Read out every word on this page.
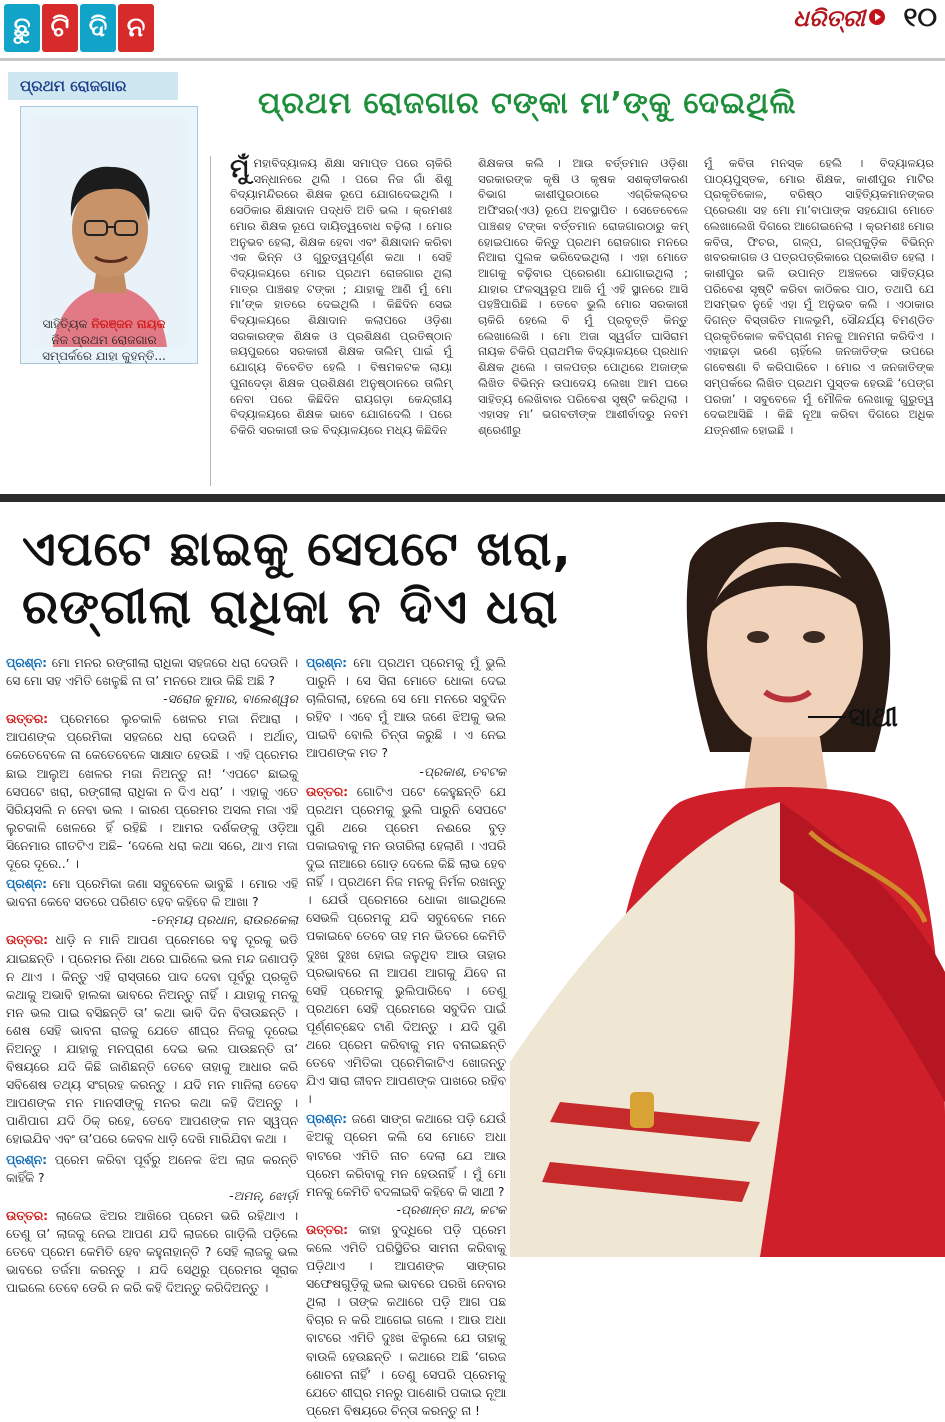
ଛୁ ଟି ଦି ନ	ଧରିତ୍ରୀ ୧୦
ପ୍ରଥମ ରୋଜଗାର
ସାହିତ୍ୟିକ ନିରଞ୍ଜନ ନାୟକ
ନିଜ ପ୍ରଥମ ରୋଜଗାର ସମ୍ପର୍କରେ ଯାହା କୁହନ୍ତି...
ପ୍ରଥମ ରୋଜଗାର ଟଙ୍କା ମା’ଙ୍କୁ ଦେଇଥିଲି
ମୁଁ ମହାବିଦ୍ୟାଳୟ ଶିକ୍ଷା ସମାପ୍ତ ପରେ ଚାକିରି ସନ୍ଧାନରେ ଥିଲି । ପରେ ନିଜ ଗାଁ ଶିଶୁ ବିଦ୍ୟାମନ୍ଦିରରେ ଶିକ୍ଷକ ରୂପେ ଯୋଗଦେଇଥିଲି । ସେଠିକାର ଶିକ୍ଷାଦାନ ପଦ୍ଧତି ଅତି ଭଲ । କ୍ରମଶଃ ମୋର ଶିକ୍ଷକ ରୂପେ ଦାୟିତ୍ୱବୋଧ ବଢ଼ିଲା । ମୋର ଅନୁଭବ ହେଲା, ଶିକ୍ଷକ ହେବା ଏବଂ ଶିକ୍ଷାଦାନ କରିବା ଏକ ଭିନ୍ନ ଓ ଗୁରୁତ୍ୱପୂର୍ଣ୍ଣ କଥା । ସେହି ବିଦ୍ୟାଳୟରେ ମୋର ପ୍ରଥମ ରୋଜଗାର ଥିଲା ମାତ୍ର ପାଞ୍ଚଶହ ଟଙ୍କା ; ଯାହାକୁ ଆଣି ମୁଁ ମୋ ମା’ଙ୍କ ହାତରେ ଦେଇଥିଲି । କିଛିଦିନ ସେଇ ବିଦ୍ୟାଳୟରେ ଶିକ୍ଷାଦାନ କଲାପରେ ଓଡ଼ିଶା ସରକାରଙ୍କ ଶିକ୍ଷକ ଓ ପ୍ରଶିକ୍ଷଣ ପ୍ରତିଷ୍ଠାନ ଜୟପୁରରେ ସରକାରୀ ଶିକ୍ଷକ ତାଲିମ୍ ପାଇଁ ମୁଁ ଯୋଗ୍ୟ ବିବେଚିତ ହେଲି । ବିଷମକଟକ ଲାୟା ପୁନାଦେଡ଼ା ଶିକ୍ଷକ ପ୍ରଶିକ୍ଷଣ ଅନୁଷ୍ଠାନରେ ତାଲିମ୍ ନେବା ପରେ କିଛିଦିନ ରାୟଗଡ଼ା କେନ୍ଦ୍ରୀୟ ବିଦ୍ୟାଳୟରେ ଶିକ୍ଷକ ଭାବେ ଯୋଗଦେଲି । ପରେ ଚିକିରି ସରକାରୀ ଉଚ୍ଚ ବିଦ୍ୟାଳୟରେ ମଧ୍ୟ କିଛିଦିନ
ଶିକ୍ଷକତା କଲି । ଆଉ ବର୍ତ୍ତମାନ ଓଡ଼ିଶା ସରକାରଙ୍କ କୃଷି ଓ କୃଷକ ସଶକ୍ତୀକରଣ ବିଭାଗ କାଶୀପୁରଠାରେ ଏଗ୍ରିକଲ୍‌ଚର ଅଫିସର(ଏଓ) ରୂପେ ଅବସ୍ଥାପିତ । ସେତେବେଳେ ପାଞ୍ଚଶହ ଟଙ୍କା ବର୍ତ୍ତମାନ ରୋଜଗାରଠାରୁ କମ୍ ହୋଇପାରେ କିନ୍ତୁ ପ୍ରଥମ ରୋଜଗାର ମନରେ ନିଆରା ପୁଲକ ଭରିଦେଇଥିଲା । ଏହା ମୋତେ ଆଗକୁ ବଢ଼ିବାର ପ୍ରେରଣା ଯୋଗାଇଥିଲା ; ଯାହାର ଫଳସ୍ୱରୂପ ଆଜି ମୁଁ ଏହି ସ୍ଥାନରେ ଆସି ପହଞ୍ଚିପାରିଛି । ତେବେ ଭୁଲି ମୋର ସରକାରୀ ଚାକିରି ହେଲେ ବି ମୁଁ ପ୍ରବୃତ୍ତି କିନ୍ତୁ ଲେଖାଲେଖି । ମୋ ଅଜା ସ୍ୱର୍ଗତ ଘାସିରାମ ନାୟକ ଚିକିରି ପ୍ରାଥମିକ ବିଦ୍ୟାଳୟରେ ପ୍ରଧାନ ଶିକ୍ଷକ ଥିଲେ । ତାଳପତ୍ର ପୋଥିରେ ଅଜାଙ୍କ ଲିଖିତ ବିଭିନ୍ନ ଉପାଦେୟ ଲେଖା ଆମ ଘରେ ସାହିତ୍ୟ ଲେଖିବାର ପରିବେଶ ସୃଷ୍ଟି କରିଥିଲା । ଏହାସହ ମା’ ଭଗବତୀଙ୍କ ଆଶୀର୍ବାଦରୁ ନବମ ଶ୍ରେଣୀରୁ
ମୁଁ କବିତା ମନସ୍କ ହେଲି । ବିଦ୍ୟାଳୟର ପାଠ୍ୟପୁସ୍ତକ, ମୋର ଶିକ୍ଷକ, କାଶୀପୁର ମାଟିର ପ୍ରକୃତିକୋଳ, ବରିଷ୍ଠ ସାହିତ୍ୟିକମାନଙ୍କର ପ୍ରେରଣା ସହ ମୋ ମା’ବାପାଙ୍କ ସହଯୋଗ ମୋତେ ଲେଖାଲେଖି ଦିଗରେ ଆଗେଇନେଲା । କ୍ରମଶଃ ମୋର କବିତା, ଫିଚର, ଗଳ୍ପ, ଗଳ୍ପକୁଡ଼ିକ ବିଭିନ୍ନ ଖବରକାଗଜ ଓ ପତ୍ରପତ୍ରିକାରେ ପ୍ରକାଶିତ ହେଲା । କାଶୀପୁର ଭଳି ଉପାନ୍ତ ଅଞ୍ଚଳରେ ସାହିତ୍ୟର ପରିବେଶ ସୃଷ୍ଟି କରିବା କାଠିକର ପାଠ, ତଥାପି ଯେ ଅସମ୍ଭବ ନୁହେଁ ଏହା ମୁଁ ଅନୁଭବ କଲି । ଏଠାକାର ଦିଗନ୍ତ ବିସ୍ତାରିତ ମାଳଭୂମି, ସୌନ୍ଦର୍ଯ୍ୟ ବିମଣ୍ଡିତ ପ୍ରକୃତିକୋଳ କବିପ୍ରାଣ ମନକୁ ଆନମନା କରିଦିଏ । ଏହାଛଡ଼ା ଭଣେ ଚାହିଁଲେ ଜନଜାତିଙ୍କ ଉପରେ ଗବେଷଣା ବି କରିପାରିବେ । ମୋର ଏ ଜନଜାତିଙ୍କ ସମ୍ପର୍କରେ ଲିଖିତ ପ୍ରଥମ ପୁସ୍ତକ ହେଉଛି ‘ପେଙ୍ଗ ପରଜା’ । ସବୁବେଳେ ମୁଁ ମୌଳିକ ଲେଖାକୁ ଗୁରୁତ୍ୱ ଦେଇଆସିଛି । କିଛି ନୂଆ କରିବା ଦିଗରେ ଅଧିକ ଯତ୍ନଶୀଳ ହୋଇଛି ।
ଏପଟେ ଛାଇକୁ ସେପଟେ ଖରା,
ରଙ୍ଗୀଲା ରାଧିକା ନ ଦିଏ ଧରା
ସାଥୀ
ପ୍ରଶ୍ନ: ମୋ ମନର ରଙ୍ଗୀଲା ରାଧିକା ସହଜରେ ଧରା ଦେଉନି । ସେ ମୋ ସହ ଏମିତି ଖେଳୁଛି ନା ତା’ ମନରେ ଆଉ କିଛି ଅଛି ?
-ସରୋଜ କୁମାର, ବାଲେଶ୍ୱର
ଉତ୍ତର: ପ୍ରେମରେ ଲୁଚକାଳି ଖେଳର ମଜା ନିଆରା । ଆପଣଙ୍କ ପ୍ରେମିକା ସହଜରେ ଧରା ଦେଉନି । ଅର୍ଥାତ୍, କେତେବେଳେ ନା କେତେବେଳେ ସାକ୍ଷାତ ହେଉଛି । ଏହି ପ୍ରେମର ଛାଇ ଆଲୁଅ ଖେଳର ମଜା ନିଅନ୍ତୁ ନା! ‘ଏପଟେ ଛାଇକୁ ସେପଟେ ଖରା, ରଙ୍ଗୀଲା ରାଧିକା ନ ଦିଏ ଧରା’ । ଏହାକୁ ଏତେ ସିରିୟସଲି ନ ନେବା ଭଲ । କାରଣ ପ୍ରେମର ଅସଲ ମଜା ଏହି ଲୁଚକାଳି ଖେଳରେ ହିଁ ରହିଛି । ଆମର ଦର୍ଶକଙ୍କୁ ଓଡ଼ିଆ ସିନେମାର ଗୀତଟିଏ ଅଛି– ‘ଦେଲେ ଧରା କଥା ସରେ, ଥାଏ ମଜା ଦୂରେ ଦୂରେ..’ ।
ପ୍ରଶ୍ନ: ମୋ ପ୍ରେମିକା ଜଣା ସବୁବେଳେ ଭାବୁଛି । ମୋର ଏହି ଭାବନା କେବେ ସତରେ ପରିଣତ ହେବ କହିବେ କି ଆଖା ?
-ତନ୍ମୟ ପ୍ରଧାନ, ରାଉରକେଲା
ଉତ୍ତର: ଧାଡ଼ି ନ ମାନି ଆପଣ ପ୍ରେମରେ ବହୁ ଦୂରକୁ ଭଡି ଯାଇଛନ୍ତି । ପ୍ରେମର ନିଶା ଥରେ ଘାରିଲେ ଭଲ ମନ୍ଦ ଜଣାପଡ଼ି ନ ଥାଏ । କିନ୍ତୁ ଏହି ରାସ୍ତାରେ ପାଦ ଦେବା ପୂର୍ବରୁ ପ୍ରକୃତି କଥାକୁ ଅଭାବି ହାଲକା ଭାବରେ ନିଅନ୍ତୁ ନାହିଁ । ଯାହାକୁ ମନକୁ ମନ ଭଲ ପାଇ ବସିଛନ୍ତି ତା’ କଥା ଭାବି ଦିନ ବିତାଉଛନ୍ତି । ଶେଷ ସେହି ଭାବନା ରାଜକୁ ଯେତେ ଶୀଘ୍ର ନିଜକୁ ଦୂରେଇ ନିଅନ୍ତୁ । ଯାହାକୁ ମନପ୍ରାଣ ଦେଇ ଭଲ ପାଉଛନ୍ତି ତା’ ବିଷୟରେ ଯଦି କିଛି ଜାଣିଛନ୍ତି ତେବେ ତାହାକୁ ଆଧାର କରି ସବିଶେଷ ତଥ୍ୟ ସଂଗ୍ରହ କରନ୍ତୁ । ଯଦି ମନ ମାନିଲା ତେବେ ଆପଣଙ୍କ ମନ ମାନସୀଙ୍କୁ ମନର କଥା କହି ଦିଅନ୍ତୁ । ପାଣିପାଗ ଯଦି ଠିକ୍ ରହେ, ତେବେ ଆପଣଙ୍କ ମନ ସ୍ୱପ୍ନ ହୋଇଯିବ ଏବଂ ତା’ପରେ କେବଳ ଧାଡ଼ି ଦେଖି ମାରିଯିବା କଥା ।
ପ୍ରଶ୍ନ: ପ୍ରେମ କରିବା ପୂର୍ବରୁ ଅନେକ ଝିଅ ଲାଜ କରନ୍ତି କାହିଁକି ?
-ଅମନ୍, ଝୋର୍ଡ଼ା
ଉତ୍ତର: ଲାଜେଇ ଝିଅର ଆଖିରେ ପ୍ରେମ ଭରି ରହିଥାଏ । ତେଣୁ ତା’ ଲାଜକୁ ନେଇ ଆପଣ ଯଦି ଲାଜରେ ଗାଡ଼ିଲି ପଡ଼ିଲେ ତେବେ ପ୍ରେମ କେମିତି ହେବ କହୁନାହାନ୍ତି ? ସେହି ଲାଜକୁ ଭଲ ଭାବରେ ତର୍ଜମା କରନ୍ତୁ । ଯଦି ସେଥିରୁ ପ୍ରେମର ସୂରାକ ପାଇଲେ ତେବେ ଡେରି ନ କରି କହି ଦିଅନ୍ତୁ କରିଦିଅନ୍ତୁ ।
ପ୍ରଶ୍ନ: ମୋ ପ୍ରଥମ ପ୍ରେମକୁ ମୁଁ ଭୁଲି ପାରୁନି । ସେ ସିନା ମୋତେ ଧୋକା ଦେଇ ଚାଲିଗଲା, ହେଲେ ସେ ମୋ ମନରେ ସବୁଦିନ ରହିବ । ଏବେ ମୁଁ ଆଉ ଜଣେ ଝିଅକୁ ଭଲ ପାଇବି ବୋଲି ଚିନ୍ତା କରୁଛି । ଏ ନେଇ ଆପଣଙ୍କ ମତ ?
-ପ୍ରକାଶ, ତବଟକ
ଉତ୍ତର: ଗୋଟିଏ ପଟେ କେହୁଛନ୍ତି ଯେ ପ୍ରଥମ ପ୍ରେମକୁ ଭୁଲି ପାରୁନି ସେପଟେ ପୁଣି ଥରେ ପ୍ରେମ ନଈରେ ବୁଡ଼ ପକାଇବାକୁ ମନ ଉତାରିଲା ହେଲାଣି । ଏପରି ଦୁଇ ନାଆରେ ଗୋଡ଼ ଦେଲେ କିଛି ଲାଭ ହେବ ନାହିଁ । ପ୍ରଥମେ ନିଜ ମନକୁ ନିର୍ମଳ ରଖନ୍ତୁ । ଯେଉଁ ପ୍ରେମରେ ଧୋକା ଖାଇଥିଲେ ସେଭଳି ପ୍ରେମକୁ ଯଦି ସବୁବେଳେ ମନେ ପକାଇବେ ତେବେ ତାହ ମନ ଭିତରେ କେମିତି ଦୁଃଖ ଦୁଃଖ ହୋଇ ଜଳୁଥିବ ଆଉ ତାହାର ପ୍ରଭାବରେ ନା ଆପଣ ଆଗକୁ ଯିବେ ନା ସେହି ପ୍ରେମକୁ ଭୁଲିପାରିବେ । ତେଣୁ ପ୍ରଥମେ ସେହି ପ୍ରେମରେ ସବୁଦିନ ପାଇଁ ପୂର୍ଣ୍ଣଚ୍ଛେଦ ଟାଣି ଦିଅନ୍ତୁ । ଯଦି ପୁଣି ଥରେ ପ୍ରେମ କରିବାକୁ ମନ ବନାଇଛନ୍ତି ତେବେ ଏମିତିକା ପ୍ରେମିକାଟିଏ ଖୋଜନ୍ତୁ ଯିଏ ସାରା ଜୀବନ ଆପଣଙ୍କ ପାଖରେ ରହିବ ।
ପ୍ରଶ୍ନ: ଜଣେ ସାଙ୍ଗ କଥାରେ ପଡ଼ି ଯେଉଁ ଝିଅକୁ ପ୍ରେମ କଲି ସେ ମୋତେ ଅଧା ବାଟରେ ଏମିତି ନାଚ ଦେଲା ଯେ ଆଉ ପ୍ରେମ କରିବାକୁ ମନ ହେଉନାହିଁ । ମୁଁ ମୋ ମନକୁ କେମିତି ବଦଳାଇବି କହିବେ କି ସାଥୀ ?
-ପ୍ରଶାନ୍ତ ନାଥ, କଟକ
ଉତ୍ତର: କାହା ବୁଦ୍ଧିରେ ପଡ଼ି ପ୍ରେମ କଲେ ଏମିତି ପରିସ୍ଥିତିର ସାମନା କରିବାକୁ ପଡ଼ିଥାଏ । ଆପଣଙ୍କ ସାଙ୍ଗର ସଫେଷଗୁଡ଼ିକୁ ଭଲ ଭାବରେ ପରଖି ନେବାର ଥିଲା । ତାଙ୍କ କଥାରେ ପଡ଼ି ଆଗ ପଛ ବିଚାର ନ କରି ଆଗେଇ ଗଲେ । ଆଉ ଅଧା ବାଟରେ ଏମିତି ଦୁଃଖ ଝିଲୁଲେ ଯେ ତାହାକୁ ବାଉଳି ହେଉଛନ୍ତି । କଥାରେ ଅଛି ‘ଗରଜ ଶୋଚନା ନାହିଁ’ । ତେଣୁ ସେପରି ପ୍ରେମକୁ ଯେତେ ଶୀଘ୍ର ମନରୁ ପାଶୋରି ପକାଇ ନୂଆ ପ୍ରେମ ବିଷୟରେ ଚିନ୍ତା କରନ୍ତୁ ନା !
